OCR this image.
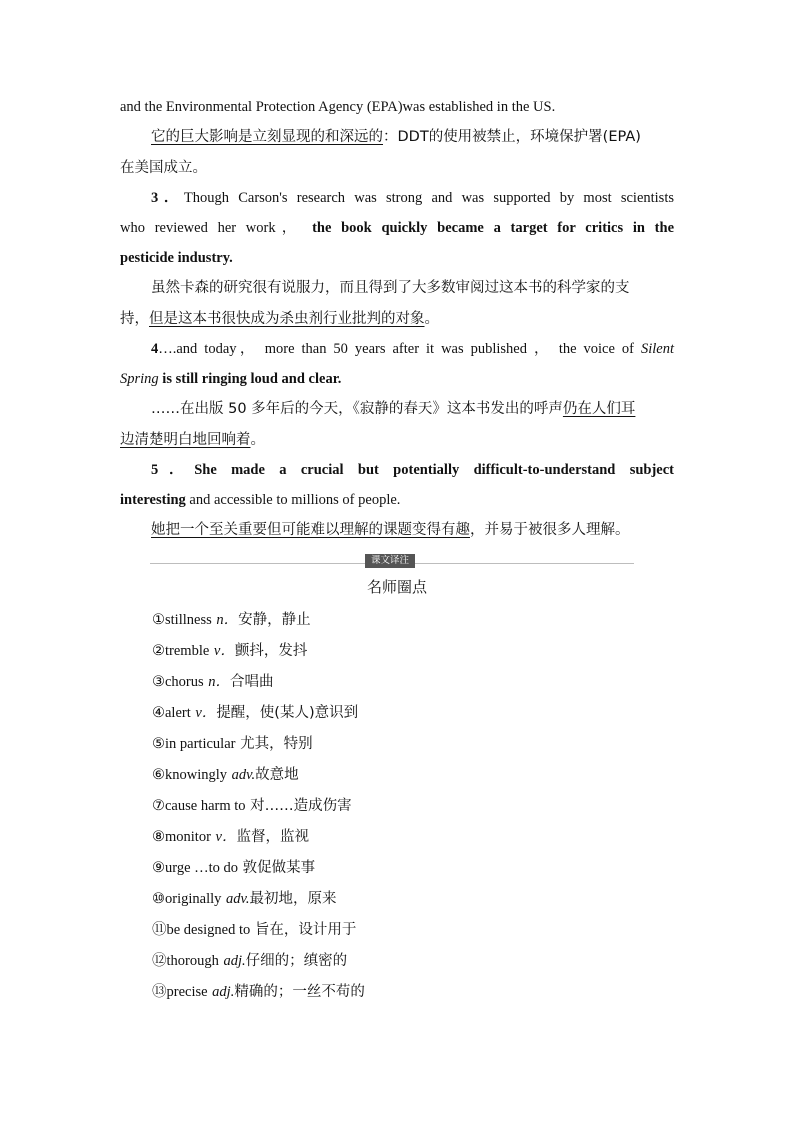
and the Environmental Protection Agency (EPA)was established in the US.
它的巨大影响是立刻显现的和深远的：DDT的使用被禁止，环境保护署(EPA)
在美国成立。
3．Though Carson's research was strong and was supported by most scientists
who reviewed her work， the book quickly became a target for critics in the
pesticide industry.
虽然卡森的研究很有说服力，而且得到了大多数审阅过这本书的科学家的支
持，但是这本书很快成为杀虫剂行业批判的对象。
4….and today， more than 50 years after it was published ， the voice of Silent
Spring is still ringing loud and clear.
……在出版 50 多年后的今天，《寂静的春天》这本书发出的呼声仍在人们耳
边清楚明白地回响着。
5．She made a crucial but potentially difficult-to-understand subject
interesting and accessible to millions of people.
她把一个至关重要但可能难以理解的课题变得有趣，并易于被很多人理解。
课文译注
名师圈点
①stillness n．安静，静止
②tremble v．颤抖，发抖
③chorus n．合唱曲
④alert v．提醒，使(某人)意识到
⑤in particular 尤其，特别
⑥knowingly adv.故意地
⑦cause harm to 对……造成伤害
⑧monitor v．监督，监视
⑨urge …to do 敦促做某事
⑩originally adv.最初地，原来
⑪be designed to 旨在，设计用于
⑫thorough adj.仔细的；缜密的
⑬precise adj.精确的；一丝不苟的
